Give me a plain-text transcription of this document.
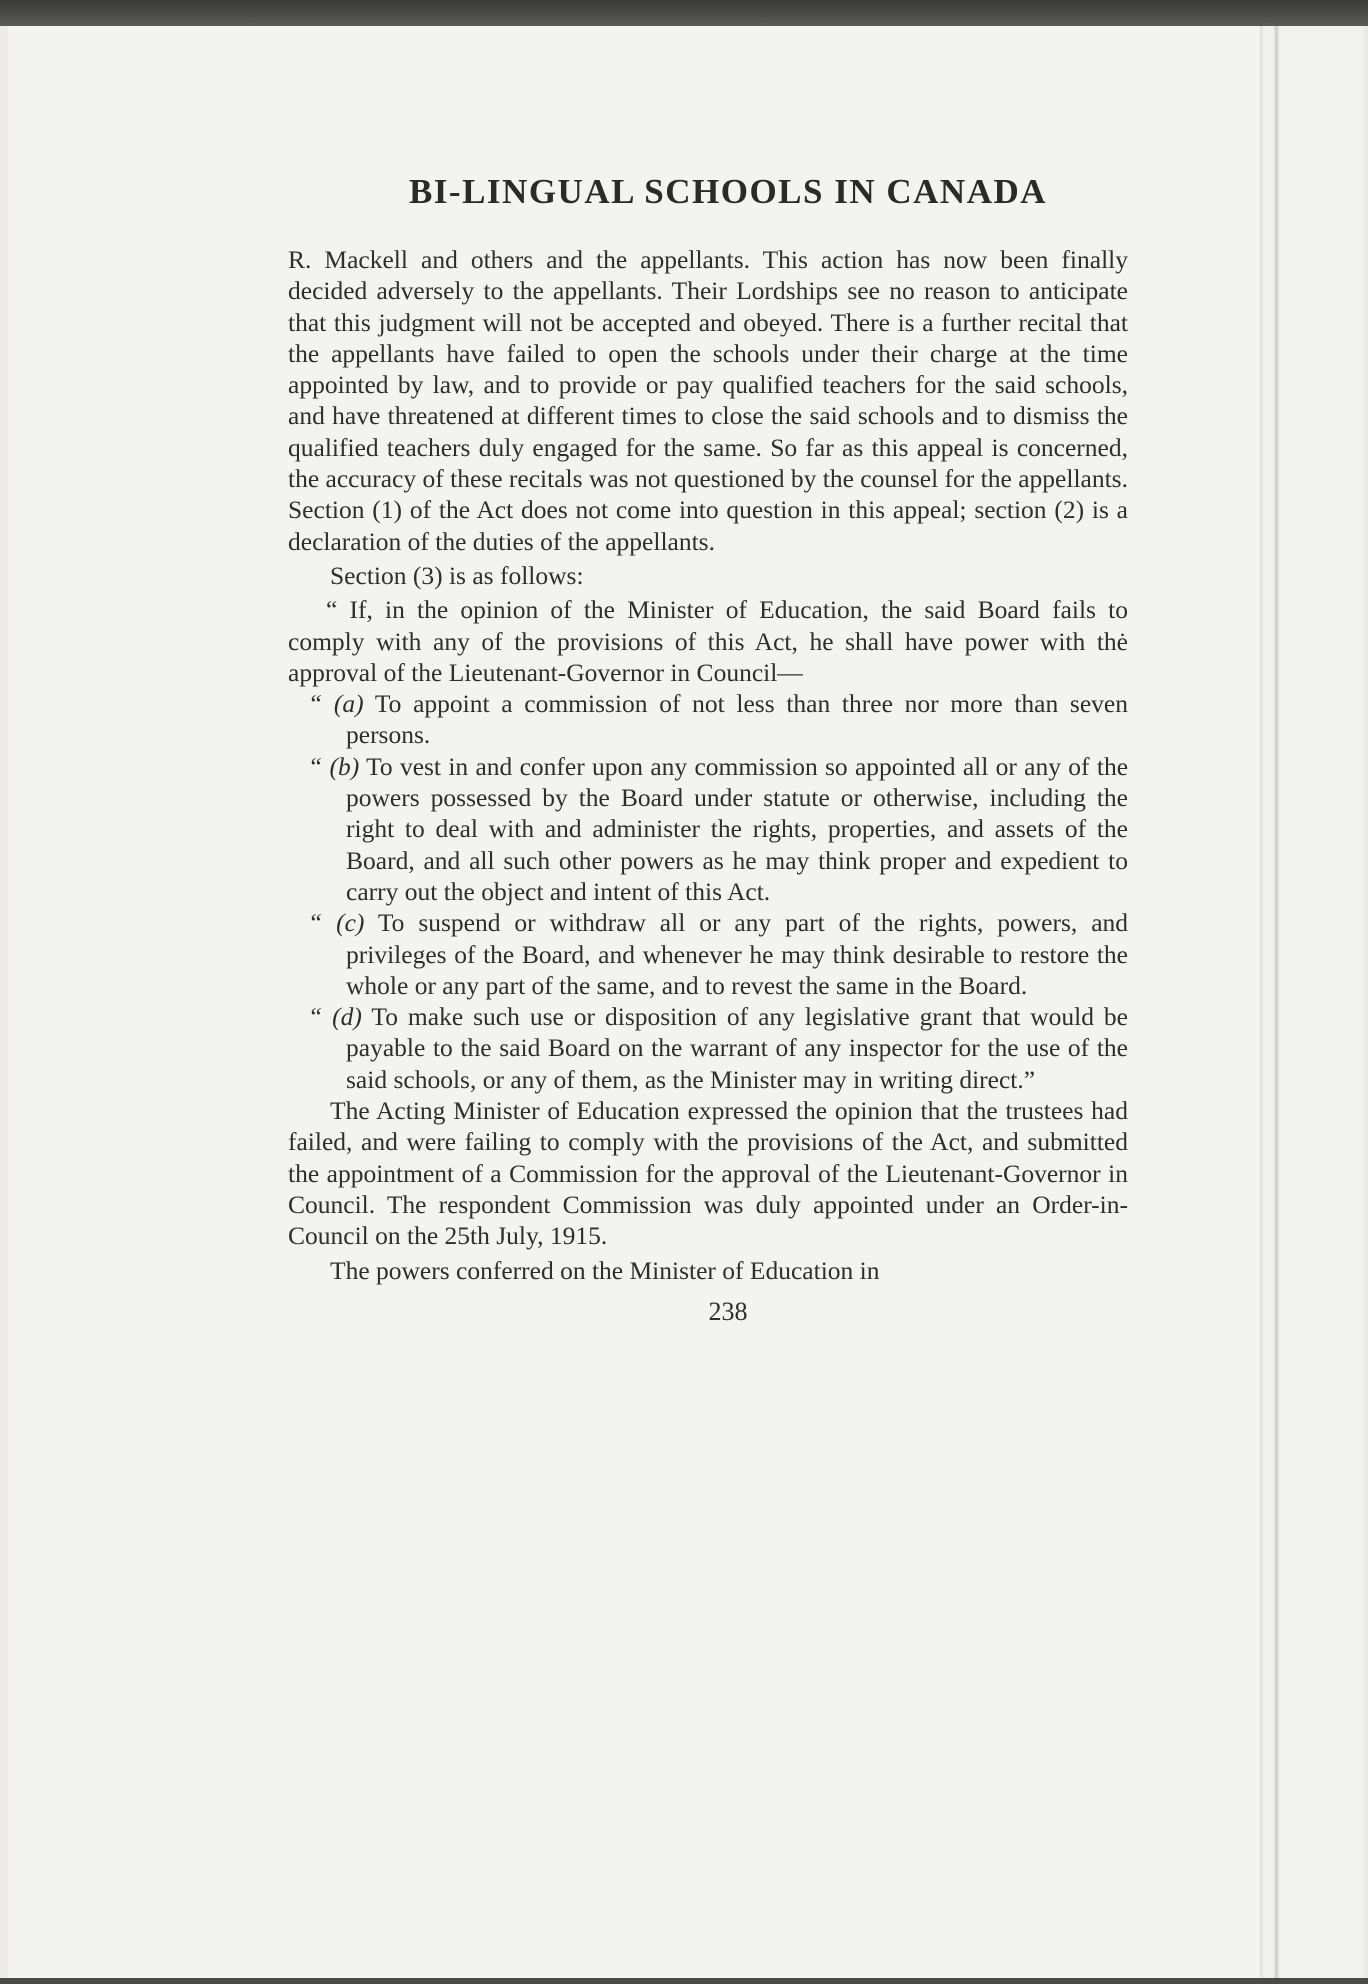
BI-LINGUAL SCHOOLS IN CANADA

R. Mackell and others and the appellants. This action has now been finally decided adversely to the appellants. Their Lordships see no reason to anticipate that this judgment will not be accepted and obeyed. There is a further recital that the appellants have failed to open the schools under their charge at the time appointed by law, and to provide or pay qualified teachers for the said schools, and have threatened at different times to close the said schools and to dismiss the qualified teachers duly engaged for the same. So far as this appeal is concerned, the accuracy of these recitals was not questioned by the counsel for the appellants. Section (1) of the Act does not come into question in this appeal; section (2) is a declaration of the duties of the appellants.

Section (3) is as follows:

“ If, in the opinion of the Minister of Education, the said Board fails to comply with any of the provisions of this Act, he shall have power with thė approval of the Lieutenant-Governor in Council—

“ (a) To appoint a commission of not less than three nor more than seven persons.

“ (b) To vest in and confer upon any commission so appointed all or any of the powers possessed by the Board under statute or otherwise, including the right to deal with and administer the rights, properties, and assets of the Board, and all such other powers as he may think proper and expedient to carry out the object and intent of this Act.

“ (c) To suspend or withdraw all or any part of the rights, powers, and privileges of the Board, and whenever he may think desirable to restore the whole or any part of the same, and to revest the same in the Board.

“ (d) To make such use or disposition of any legislative grant that would be payable to the said Board on the warrant of any inspector for the use of the said schools, or any of them, as the Minister may in writing direct.”

The Acting Minister of Education expressed the opinion that the trustees had failed, and were failing to comply with the provisions of the Act, and submitted the appointment of a Commission for the approval of the Lieutenant-Governor in Council. The respondent Commission was duly appointed under an Order-in-Council on the 25th July, 1915.

The powers conferred on the Minister of Education in

238
